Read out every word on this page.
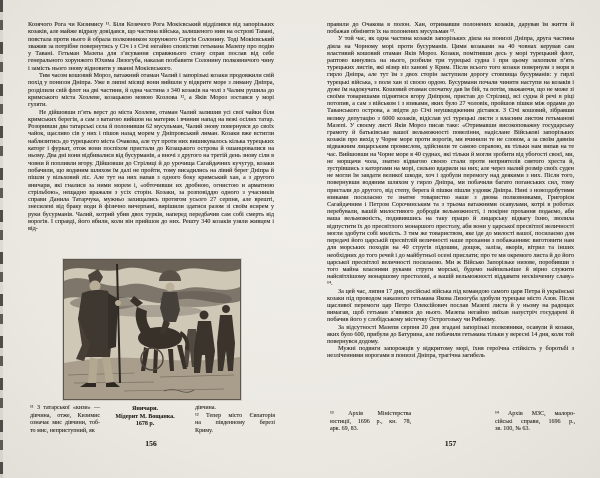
Козячого Рога чи Кизимису ¹¹. Біля Козячого Рога Мокієвський відділився від запорізьких козаків, але майже відразу довідався, що частина війська, залишеного ним на острові Тавані, повстала проти нього й обрала полковником хорунжого Сергія Солонину. Тоді Мокієвський зважив за потрібне повернутись у Січ і з Січі негайно сповістив гетьмана Мазепу про подію у Тавані. Гетьман Мазепа для з’ясування справжнього стану справ послав від себе генерального хорунжого Юхима Лизогуба, наказав позбавити Солонину полковничого чину і замість нього знову відновити у званні Мокієвського.

Тим часом кошовий Мороз, ватажний отаман Чалий і запорізькі козаки продовжили свій похід у пониззя Дніпра. Уже в липні місяці вони вийшли у відкрите море з лиману Дніпра, розділили свій флот на дві частини, й одна частина з 340 козаків на чолі з Чалим рушила до кримського міста Хозлеве, козацькою мовою Козлова ¹², а Яків Мороз зостався у морі гуляти.

Не дійшовши п’ять верст до міста Хозлеве, отаман Чалий залишив усі свої чайки біля кримських берегів, а сам з ватагою вийшов на материк і вчинив напад на вежі осілих татар. Розоривши два татарські села й полонивши 62 мусульман, Чалий знову повернувся до своїх чайок, щасливо сів у них і пішов назад морем у Дніпровський лиман. Козаки вже встигли наблизитись до турецького міста Очакова, але тут проти них вишикувалось кілька турецьких каторг і фуркат, отож вони поспіхом пристали до Козацького острова й ошанцювалися на ньому. Два дні вони відбивалися від бусурманів, а вночі з другого на третій день знову сіли в човни й попливли вгору. Дійшовши до Стрілиці й до урочища Сагайдачних кучугур, козаки побачили, що водяним шляхом їм далі не пройти, тому висадились на лівий берег Дніпра й пішли у вільховий ліс. Але тут на них напав з одного боку кримський хан, а з другого яничари, які гналися за ними морем і, «обточивши их дробною, огнистою и арматною стрільбою», нещадно вражали з усіх сторін. Козаки, за розповіддю одного з учасників справи Данила Татарчука, мужньо захищались протягом усього 27 серпня, але врешті, знесилені від браку води й фізично вичерпані, вирішили здатися разом зі своїм ясирем у руки бусурманів. Чалий, котрий убив двох турків, наперед передбачив сам собі смерть від ворогів. І справді, його вбили, коли він прийшов до них. Решту 340 козаків узяли живцем і від-

¹¹ З татарської «кизи» —
дівчина, отже, Кизимис
означає мис дівчини, тоб-
то мис, неприступний, як
Яничари.
Мідерит М. Вощанка.
1678 р.
дівчина.
¹² Тепер місто Євпаторія
на південному березі
Криму.
156

правили до Очакова в полон. Хан, отримавши полонених козаків, дарував їм життя й побажав обміняти їх на полонених мусульман ¹³.

У той час, як одна частина козаків запорізьких діяла на пониззі Дніпра, друга частина діяла на Чорному морі проти бусурманів. Цими козаками на 40 човнах керував сам властивий кошовий отаман Яків Мороз. Козаки, помітивши десь у морі турецький флот, раптово кинулись на нього, розбили три турецькі судна і при цьому захопили п’ять турецьких листів, які візир віз ханові у Крим. Після всього того козаки повернули з моря в гирло Дніпра, але тут їм з двох сторін заступили дорогу стовпища бусурманів: у гирлі турецькі війська, з поля хан зі своєю ордою. Бусурмани почали чинити наступи на козаків і дуже їм надокучати. Кошовий отаман спочатку дав їм бій, та потім, зважаючи, що не може зі своїми товаришами піднятися вгору Дніпром, пристав до Стрілиці, всі судна й речі в ріці потопив, а сам з військом і з язиками, яких було 27 чоловік, пройшов пішки між ордами до Таванського острова, а звідти до Січі неушкодженим дістався. З Січі кошовий, зібравши велику депутацію з 6000 козаків, відіслав усі турецькі листи з власним листом гетьманові Мазепі. У своєму листі Яків Мороз писав таке: «Отримавши високоповажну государську грамоту й батьківське вашої вельможності повеління, надіслане Військові запорізьких козаків про вихід у Чорне море проти ворогів, ми вчинили те не словом, а за своїм давнім відважним лицарським промислом, здійснили те самою справою, як тільки нам випав на те час. Вийшовши на Чорне море в 40 суднах, які тільки й могли зробити від убогості своєї, ми, не морщачи чола, знатно відвагою своєю стали проти неприятелів святого хреста й, зустрівшись з каторгами на морі, сильно вдарили на них; але через малий розмір своїх суден не могли їм завдати великої шкоди, хоч і здобули перемогу над деякими з них. Після того, повернувши водяним шляхом у гирло Дніпра, ми побачили багато поганських сил, тому пристали до другого, від степу, берега й пішки пішли уздовж Дніпра. Нині з новоздобутими язиками посилаємо те знатне товариство наше з двома полковниками, Григорієм Сагайдачним і Петром Сорочинським та з трьома ватажними осавулами, котрі в роботах перебували, вашій милостивого добродія вельможності, і покірне прохання подаємо, аби ваша вельможність, подивившись на таку працю й лицарську відвагу їхню, зволила відпустити їх до пресвітлого монаршого престолу, аби вони у царської пресвітлої величності могли здобути собі милість. З тим же товариством, яке іде до милості вашої, посилаємо для передачі його царській пресвітлій величності наше прохання з побажанням: виготовити нам для морських походів на 40 стругів підошви, дощок, заліза, якорів, вітрил та інших необхідних до того речей і до майбутньої осені прислати; про те ми окремого листа й до його царської пресвітлої величності посилаємо. Ми ж Військо Запорізьке низове, поробивши з того майна власними руками струги морські, будемо найпильніше й вірно служити найсвітлішому монаршому престолові, а вашій вельможності віддавати нескінченну славу» ¹⁴.

За цей час, липня 17 дня, російські війська під командою самого царя Петра й українські козаки під проводом наказного гетьмана Якова Лизогуба здобули турецьке місто Азов. Після щасливої перемоги цар Петро Олексійович послав Мазепі листа й у ньому на радощах вимагав, щоб гетьман з’явився до нього. Мазепа негайно виїхав назустріч государеві й побачив його у слобідському містечку Острогозьку чи Рибному.

За відсутності Мазепи серпня 20 дня згадані запорізькі полковники, осавули й козаки, яких було 600, прибули до Батурина, але побачили гетьмана тільки у вересні 14 дня, коли той повернувся додому.

Мужні подвиги запорожців у відкритому морі, їхня героїчна стійкість у боротьбі з незліченними ворогами в пониззі Дніпра, трагічна загибель

¹³ Архів Міністерства
юстиції, 1696 р., кн. 78,
арк. 69, 83.
¹⁴ Архів МЗС, малоро-
сійські справи, 1696 р.,
зв. 100, № 63.
157
